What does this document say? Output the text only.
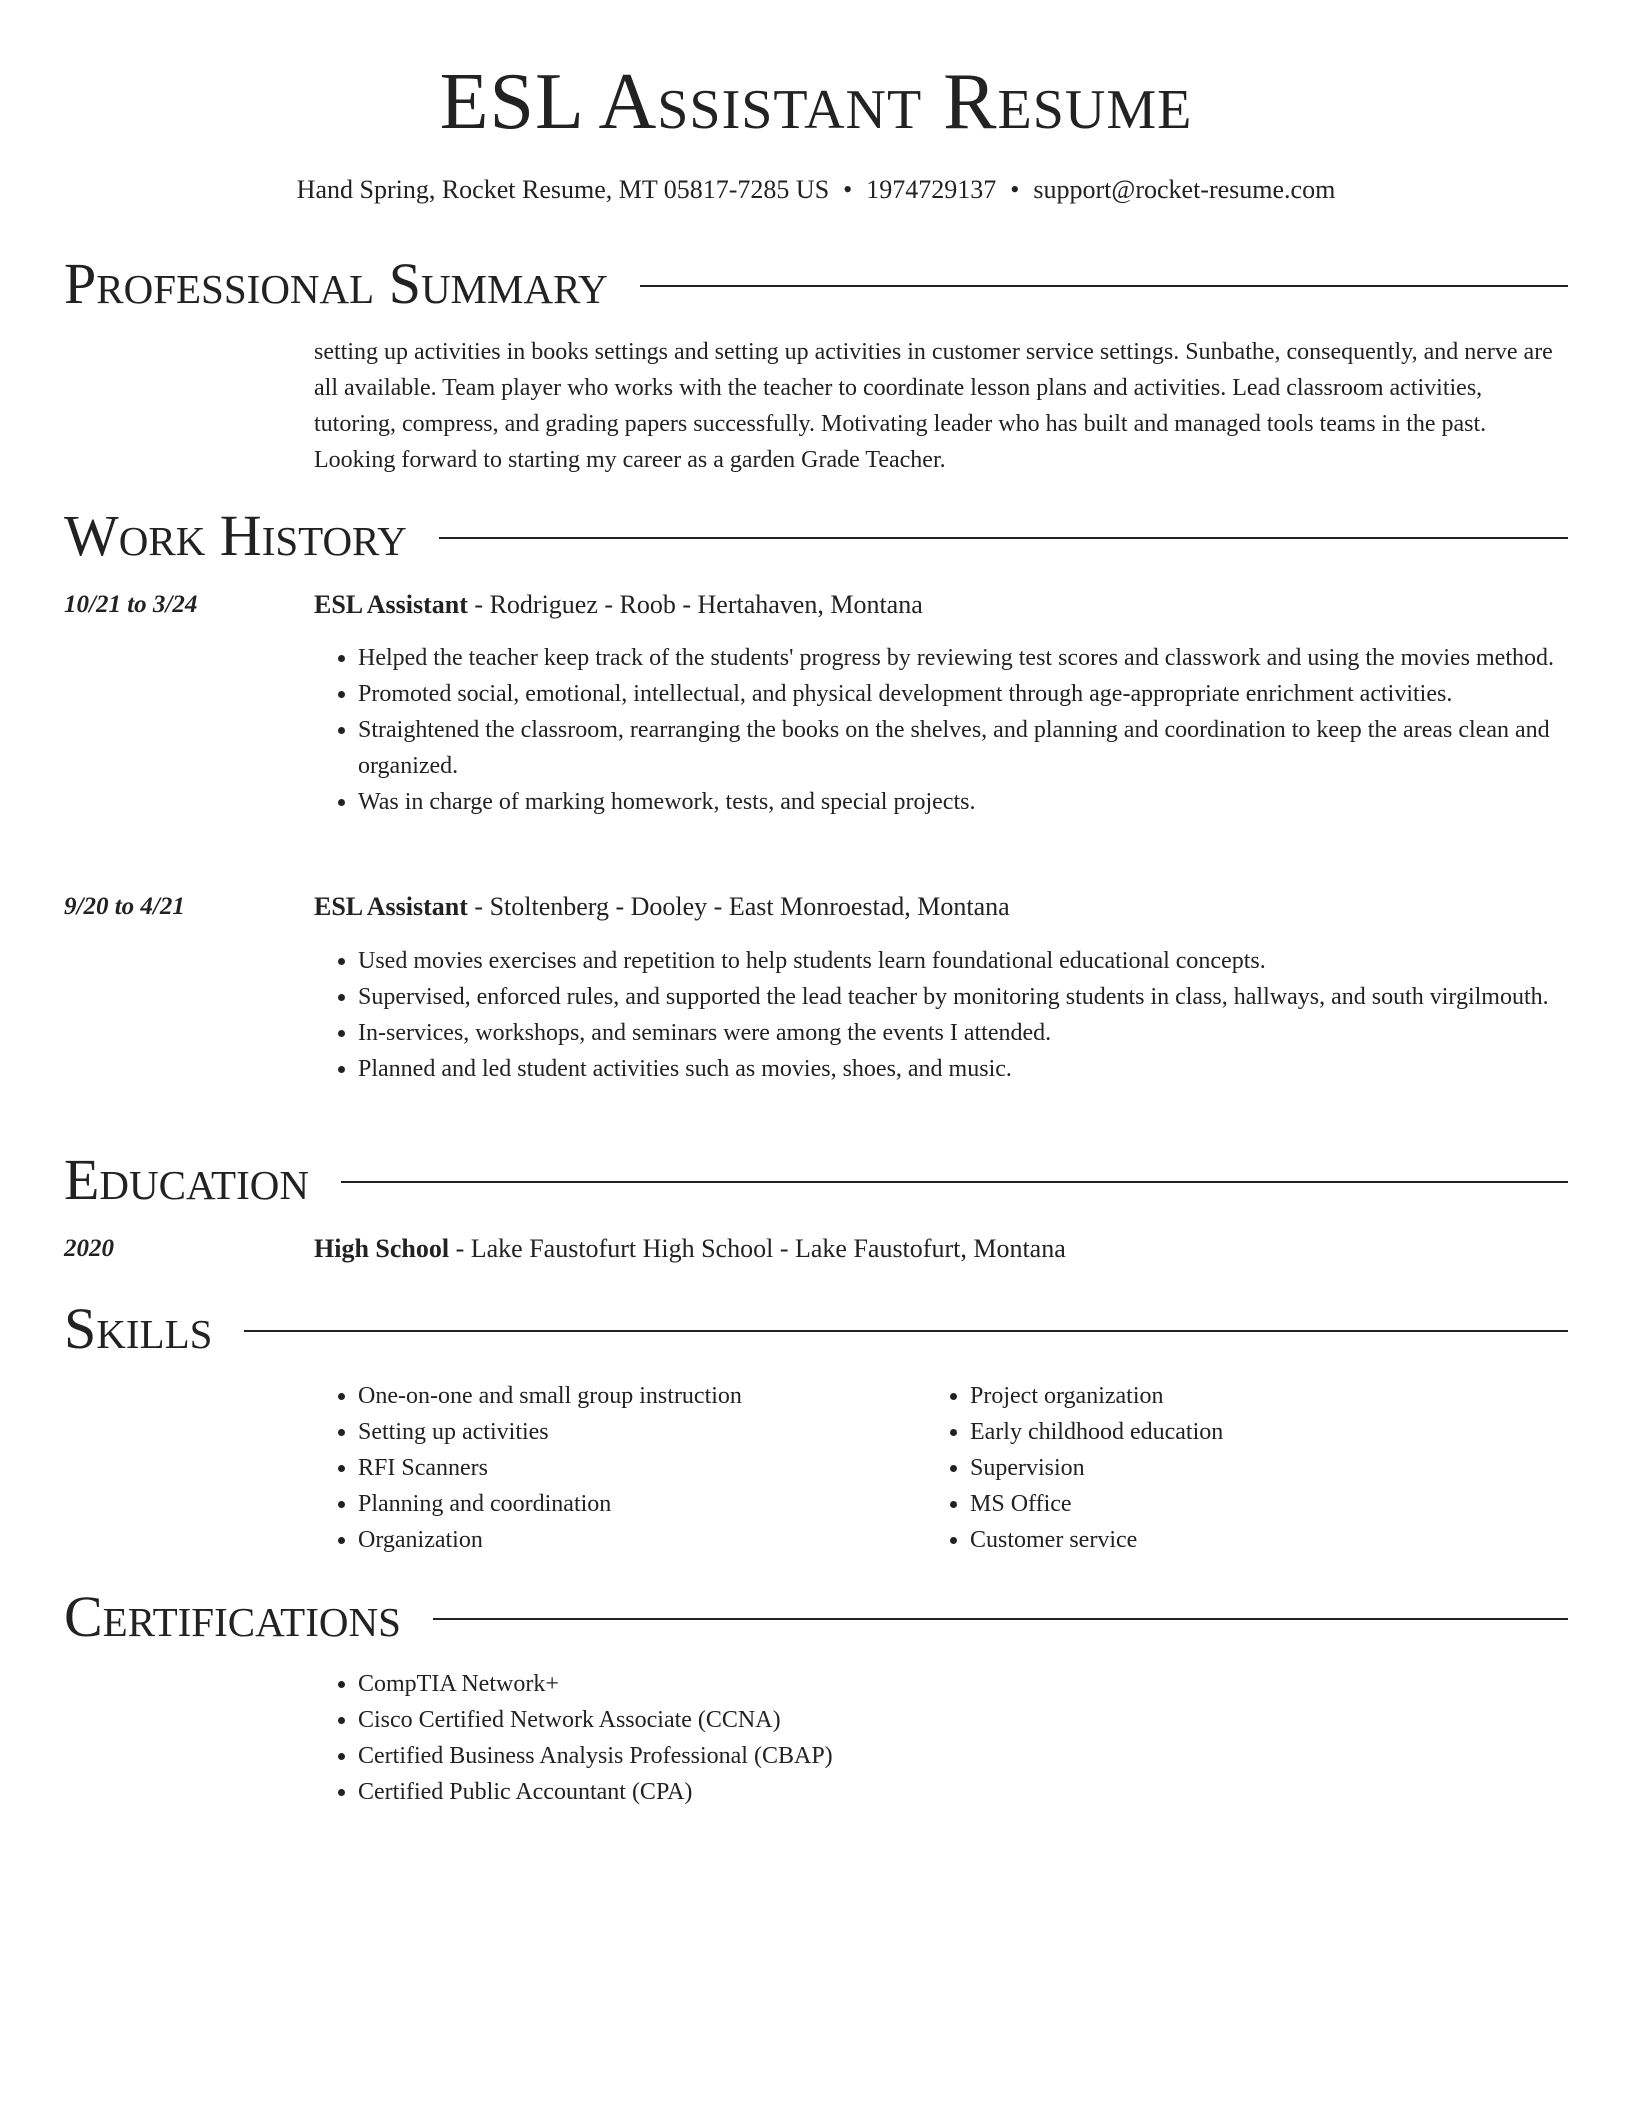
ESL Assistant Resume
Hand Spring, Rocket Resume, MT 05817-7285 US • 1974729137 • support@rocket-resume.com
Professional Summary

setting up activities in books settings and setting up activities in customer service settings. Sunbathe, consequently, and nerve are all available. Team player who works with the teacher to coordinate lesson plans and activities. Lead classroom activities, tutoring, compress, and grading papers successfully. Motivating leader who has built and managed tools teams in the past. Looking forward to starting my career as a garden Grade Teacher.

Work History
10/21 to 3/24	ESL Assistant - Rodriguez - Roob - Hertahaven, Montana
• Helped the teacher keep track of the students' progress by reviewing test scores and classwork and using the movies method.
• Promoted social, emotional, intellectual, and physical development through age-appropriate enrichment activities.
• Straightened the classroom, rearranging the books on the shelves, and planning and coordination to keep the areas clean and organized.
• Was in charge of marking homework, tests, and special projects.
9/20 to 4/21	ESL Assistant - Stoltenberg - Dooley - East Monroestad, Montana
• Used movies exercises and repetition to help students learn foundational educational concepts.
• Supervised, enforced rules, and supported the lead teacher by monitoring students in class, hallways, and south virgilmouth.
• In-services, workshops, and seminars were among the events I attended.
• Planned and led student activities such as movies, shoes, and music.
Education
2020	High School - Lake Faustofurt High School - Lake Faustofurt, Montana
Skills
• One-on-one and small group instruction
• Setting up activities
• RFI Scanners
• Planning and coordination
• Organization
• Project organization
• Early childhood education
• Supervision
• MS Office
• Customer service
Certifications
• CompTIA Network+
• Cisco Certified Network Associate (CCNA)
• Certified Business Analysis Professional (CBAP)
• Certified Public Accountant (CPA)
